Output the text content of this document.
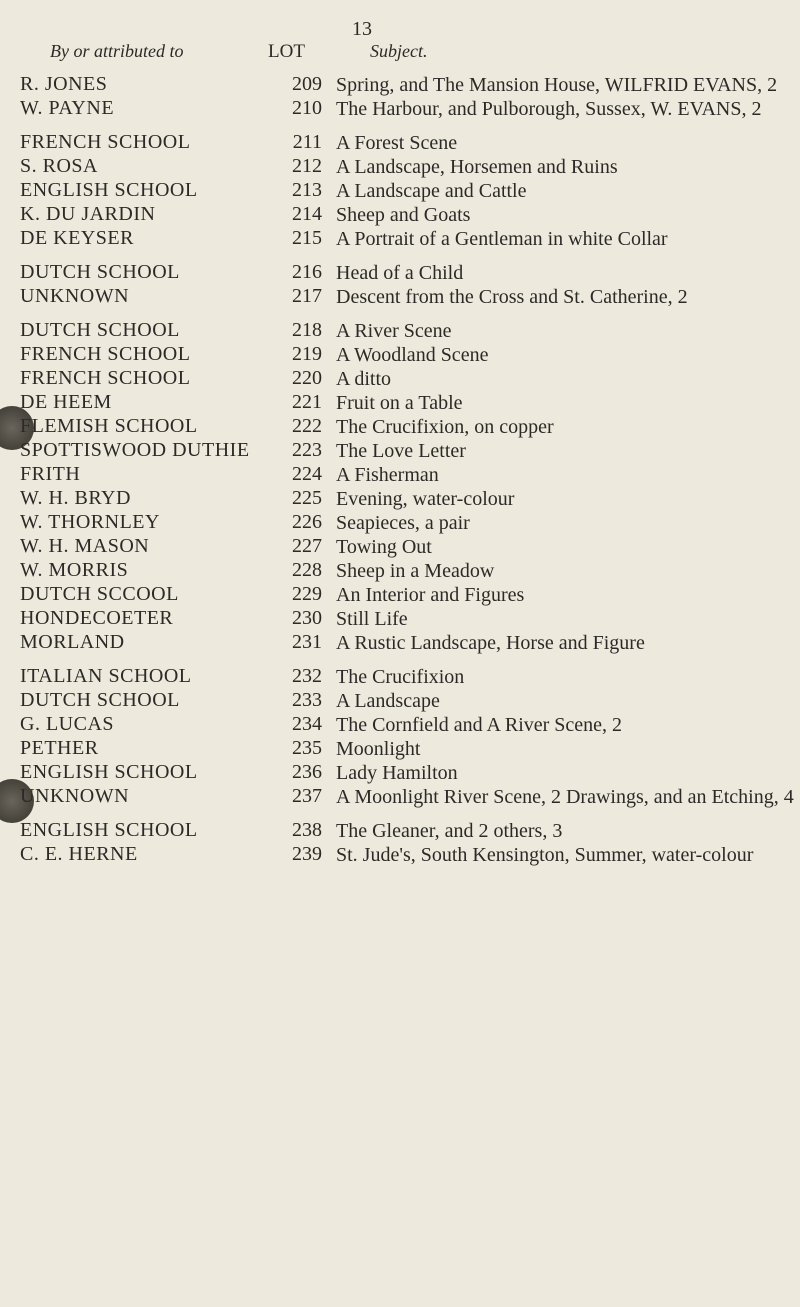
13
By or attributed to	LOT	Subject.
R. JONES	209 Spring, and The Mansion House, WILFRID EVANS, 2
W. PAYNE	210 The Harbour, and Pulborough, Sussex, W. EVANS, 2
FRENCH SCHOOL	211 A Forest Scene
S. ROSA	212 A Landscape, Horsemen and Ruins
ENGLISH SCHOOL	213 A Landscape and Cattle
K. DU JARDIN	214 Sheep and Goats
DE KEYSER	215 A Portrait of a Gentleman in white Collar
DUTCH SCHOOL	216 Head of a Child
UNKNOWN	217 Descent from the Cross and St. Catherine, 2
DUTCH SCHOOL	218 A River Scene
FRENCH SCHOOL	219 A Woodland Scene
FRENCH SCHOOL	220 A ditto
DE HEEM	221 Fruit on a Table
FLEMISH SCHOOL	222 The Crucifixion, on copper
SPOTTISWOOD DUTHIE	223 The Love Letter
FRITH	224 A Fisherman
W. H. BRYD	225 Evening, water-colour
W. THORNLEY	226 Seapieces, a pair
W. H. MASON	227 Towing Out
W. MORRIS	228 Sheep in a Meadow
DUTCH SCCOOL	229 An Interior and Figures
HONDECOETER	230 Still Life
MORLAND	231 A Rustic Landscape, Horse and Figure
ITALIAN SCHOOL	232 The Crucifixion
DUTCH SCHOOL	233 A Landscape
G. LUCAS	234 The Cornfield and A River Scene, 2
PETHER	235 Moonlight
ENGLISH SCHOOL	236 Lady Hamilton
UNKNOWN	237 A Moonlight River Scene, 2 Drawings, and an Etching, 4
ENGLISH SCHOOL	238 The Gleaner, and 2 others, 3
C. E. HERNE	239 St. Jude's, South Kensington, Summer, water-colour
